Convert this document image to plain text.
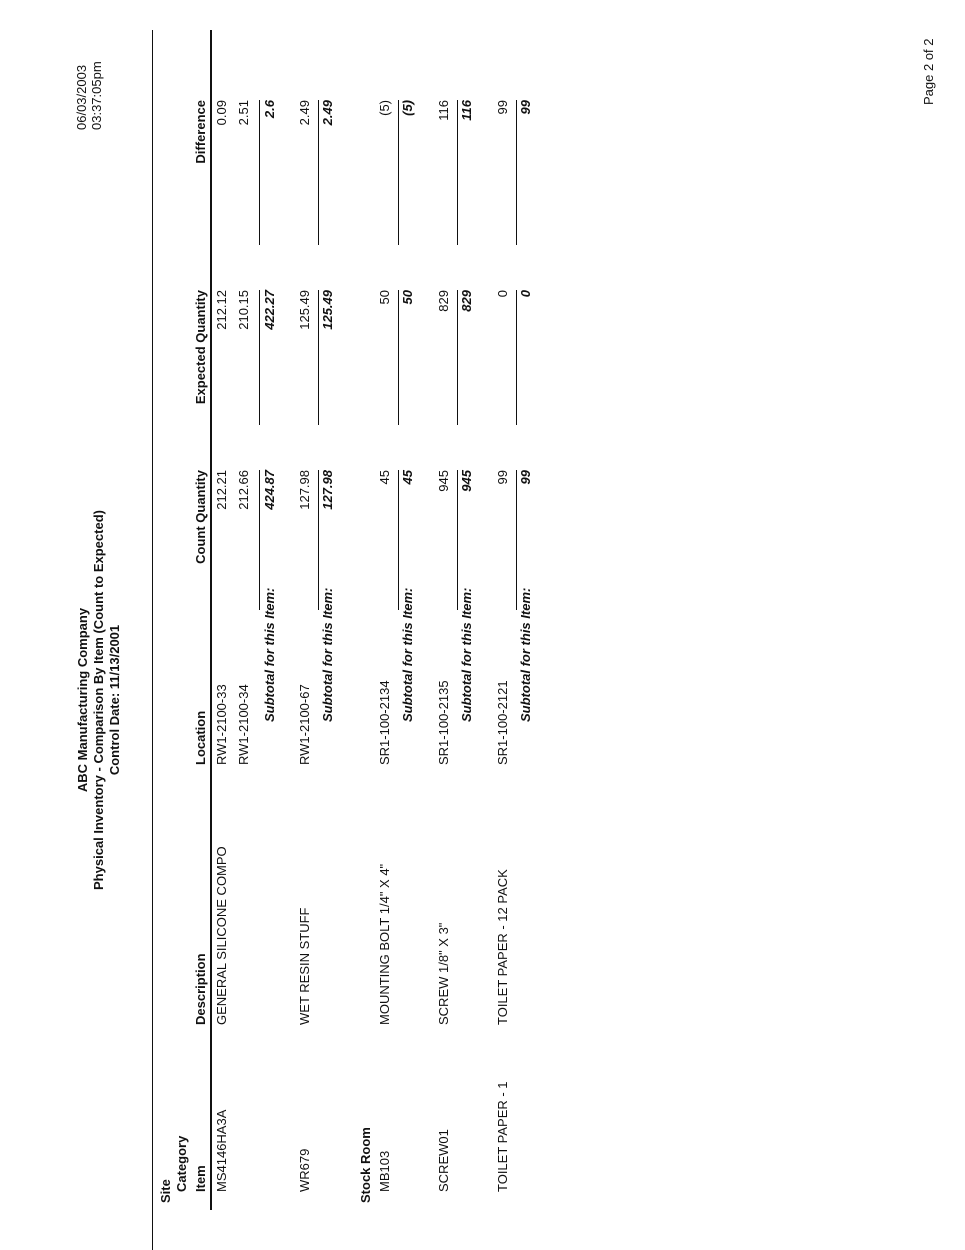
ABC Manufacturing Company Physical Inventory - Comparison By Item (Count to Expected) Control Date: 11/13/2001
06/03/2003 03:37:05pm	Page 2 of 2
Site Category Item
Description
Location
Count Quantity
Expected Quantity
Difference
MS4146HA3A
GENERAL SILICONE COMPO
RW1-2100-33
212.21
212.12
0.09
RW1-2100-34
212.66
210.15
2.51
Subtotal for this Item:
424.87
422.27
2.6
WR679
WET RESIN STUFF
RW1-2100-67
127.98
125.49
2.49
Subtotal for this Item:
127.98
125.49
2.49
Stock Room MB103
MOUNTING BOLT 1/4" X 4"
SR1-100-2134
45
50
(5)
Subtotal for this Item:
45
50
(5)
SCREW01
SCREW 1/8" X 3"
SR1-100-2135
945
829
116
Subtotal for this Item:
945
829
116
TOILET PAPER - 1
TOILET PAPER - 12 PACK
SR1-100-2121
99
0
99
Subtotal for this Item:
99
0
99
